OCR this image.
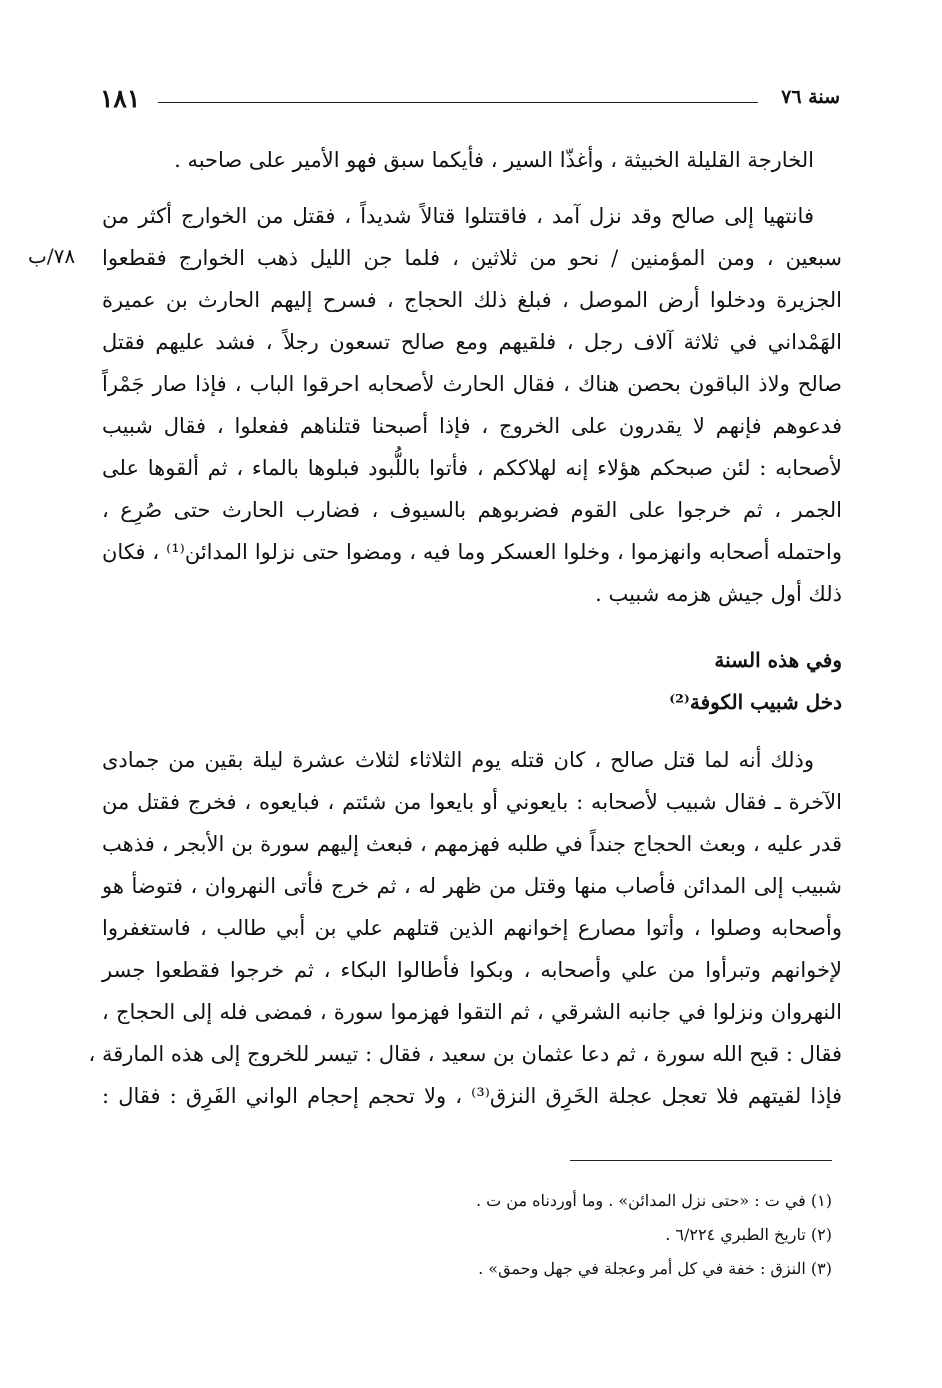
١٨١	سنة ٧٦
الخارجة القليلة الخبيثة ، وأغذّا السير ، فأيكما سبق فهو الأمير على صاحبه .
فانتهيا إلى صالح وقد نزل آمد ، فاقتتلوا قتالاً شديداً ، فقتل من الخوارج أكثر من
سبعين ، ومن المؤمنين / نحو من ثلاثين ، فلما جن الليل ذهب الخوارج فقطعوا
الجزيرة ودخلوا أرض الموصل ، فبلغ ذلك الحجاج ، فسرح إليهم الحارث بن عميرة
الهَمْداني في ثلاثة آلاف رجل ، فلقيهم ومع صالح تسعون رجلاً ، فشد عليهم فقتل
صالح ولاذ الباقون بحصن هناك ، فقال الحارث لأصحابه احرقوا الباب ، فإذا صار جَمْراً
فدعوهم فإنهم لا يقدرون على الخروج ، فإذا أصبحنا قتلناهم ففعلوا ، فقال شبيب
لأصحابه : لئن صبحكم هؤلاء إنه لهلاككم ، فأتوا باللُّبود فبلوها بالماء ، ثم ألقوها على
الجمر ، ثم خرجوا على القوم فضربوهم بالسيوف ، فضارب الحارث حتى صُرِع ،
واحتمله أصحابه وانهزموا ، وخلوا العسكر وما فيه ، ومضوا حتى نزلوا المدائن⁽¹⁾ ، فكان
ذلك أول جيش هزمه شبيب .
٧٨/ب
وفي هذه السنة
دخل شبيب الكوفة⁽²⁾
وذلك أنه لما قتل صالح ، كان قتله يوم الثلاثاء لثلاث عشرة ليلة بقين من جمادى
الآخرة ـ فقال شبيب لأصحابه : بايعوني أو بايعوا من شئتم ، فبايعوه ، فخرج فقتل من
قدر عليه ، وبعث الحجاج جنداً في طلبه فهزمهم ، فبعث إليهم سورة بن الأبجر ، فذهب
شبيب إلى المدائن فأصاب منها وقتل من ظهر له ، ثم خرج فأتى النهروان ، فتوضأ هو
وأصحابه وصلوا ، وأتوا مصارع إخوانهم الذين قتلهم علي بن أبي طالب ، فاستغفروا
لإخوانهم وتبرأوا من علي وأصحابه ، وبكوا فأطالوا البكاء ، ثم خرجوا فقطعوا جسر
النهروان ونزلوا في جانبه الشرقي ، ثم التقوا فهزموا سورة ، فمضى فله إلى الحجاج ،
فقال : قبح الله سورة ، ثم دعا عثمان بن سعيد ، فقال : تيسر للخروج إلى هذه المارقة ،
فإذا لقيتهم فلا تعجل عجلة الخَرِق النزق⁽³⁾ ، ولا تحجم إحجام الواني الفَرِق : فقال :
(١) في ت : «حتى نزل المدائن» . وما أوردناه من ت .
(٢) تاريخ الطبري ٦/٢٢٤ .
(٣) النزق : خفة في كل أمر وعجلة في جهل وحمق» .
